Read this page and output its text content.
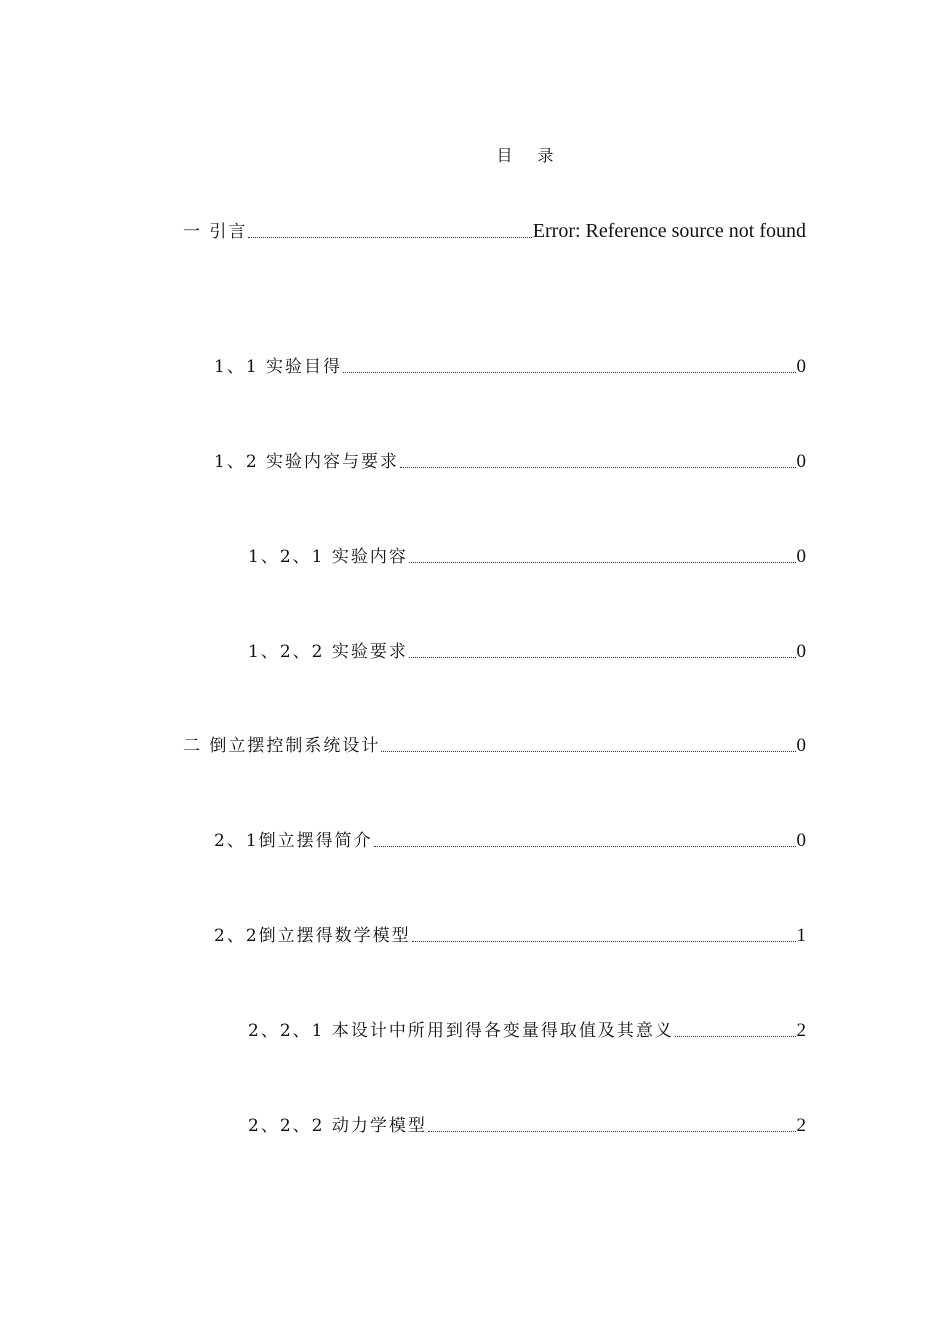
目 录
一 引言	Error: Reference source not found
1、1 实验目得	0
1、2 实验内容与要求	0
1、2、1 实验内容	0
1、2、2 实验要求	0
二 倒立摆控制系统设计	0
2、1倒立摆得简介	0
2、2倒立摆得数学模型	1
2、2、1 本设计中所用到得各变量得取值及其意义	2
2、2、2 动力学模型	2
